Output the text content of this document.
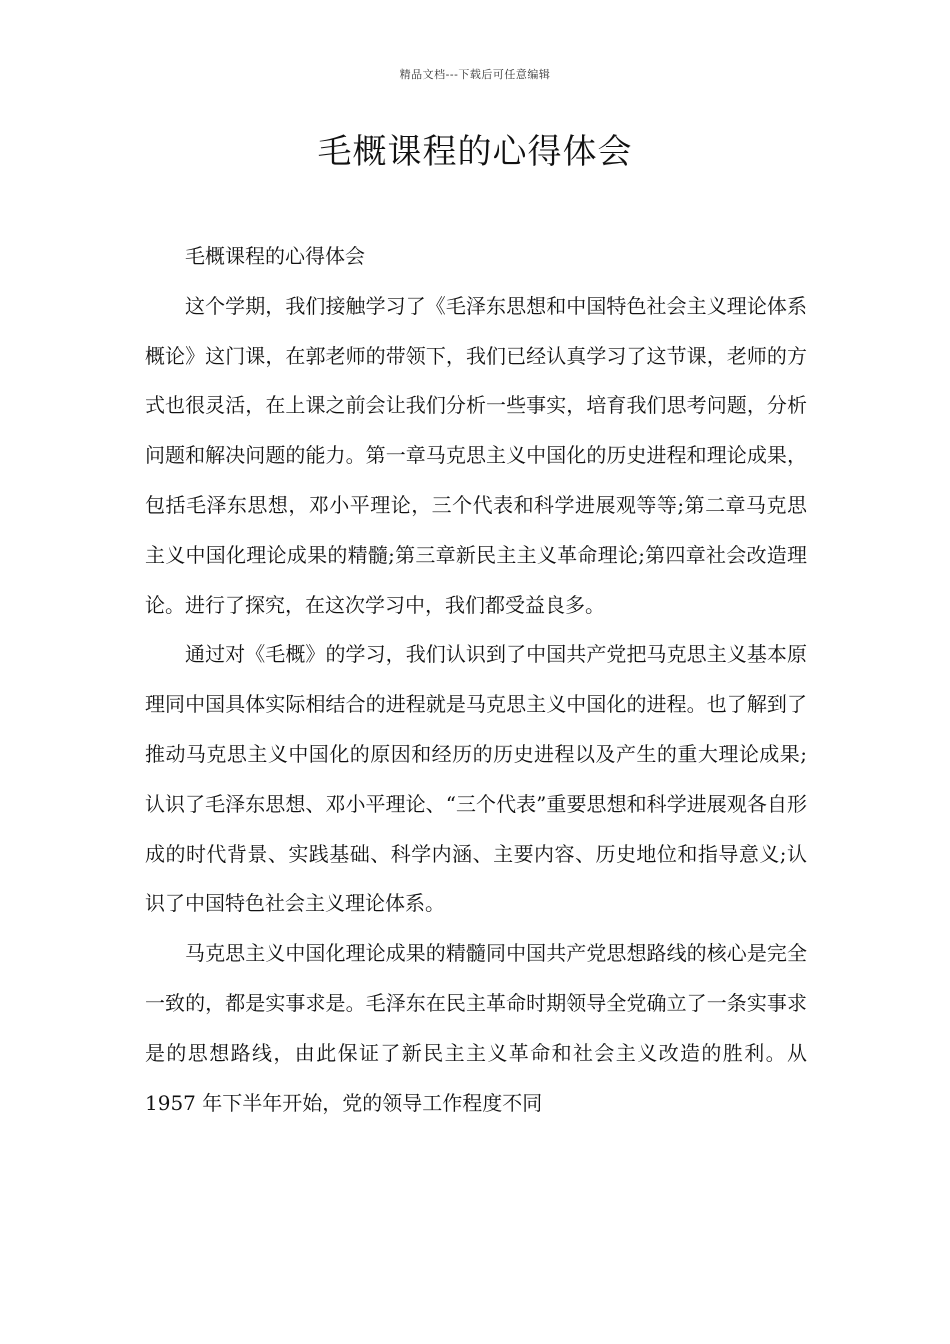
精品文档---下载后可任意编辑
毛概课程的心得体会

毛概课程的心得体会

这个学期，我们接触学习了《毛泽东思想和中国特色社会主义理论体系概论》这门课，在郭老师的带领下，我们已经认真学习了这节课，老师的方式也很灵活，在上课之前会让我们分析一些事实，培育我们思考问题，分析问题和解决问题的能力。第一章马克思主义中国化的历史进程和理论成果，包括毛泽东思想，邓小平理论，三个代表和科学进展观等等;第二章马克思主义中国化理论成果的精髓;第三章新民主主义革命理论;第四章社会改造理论。进行了探究，在这次学习中，我们都受益良多。

通过对《毛概》的学习，我们认识到了中国共产党把马克思主义基本原理同中国具体实际相结合的进程就是马克思主义中国化的进程。也了解到了推动马克思主义中国化的原因和经历的历史进程以及产生的重大理论成果;认识了毛泽东思想、邓小平理论、“三个代表”重要思想和科学进展观各自形成的时代背景、实践基础、科学内涵、主要内容、历史地位和指导意义;认识了中国特色社会主义理论体系。

马克思主义中国化理论成果的精髓同中国共产党思想路线的核心是完全一致的，都是实事求是。毛泽东在民主革命时期领导全党确立了一条实事求是的思想路线，由此保证了新民主主义革命和社会主义改造的胜利。从 1957 年下半年开始，党的领导工作程度不同
